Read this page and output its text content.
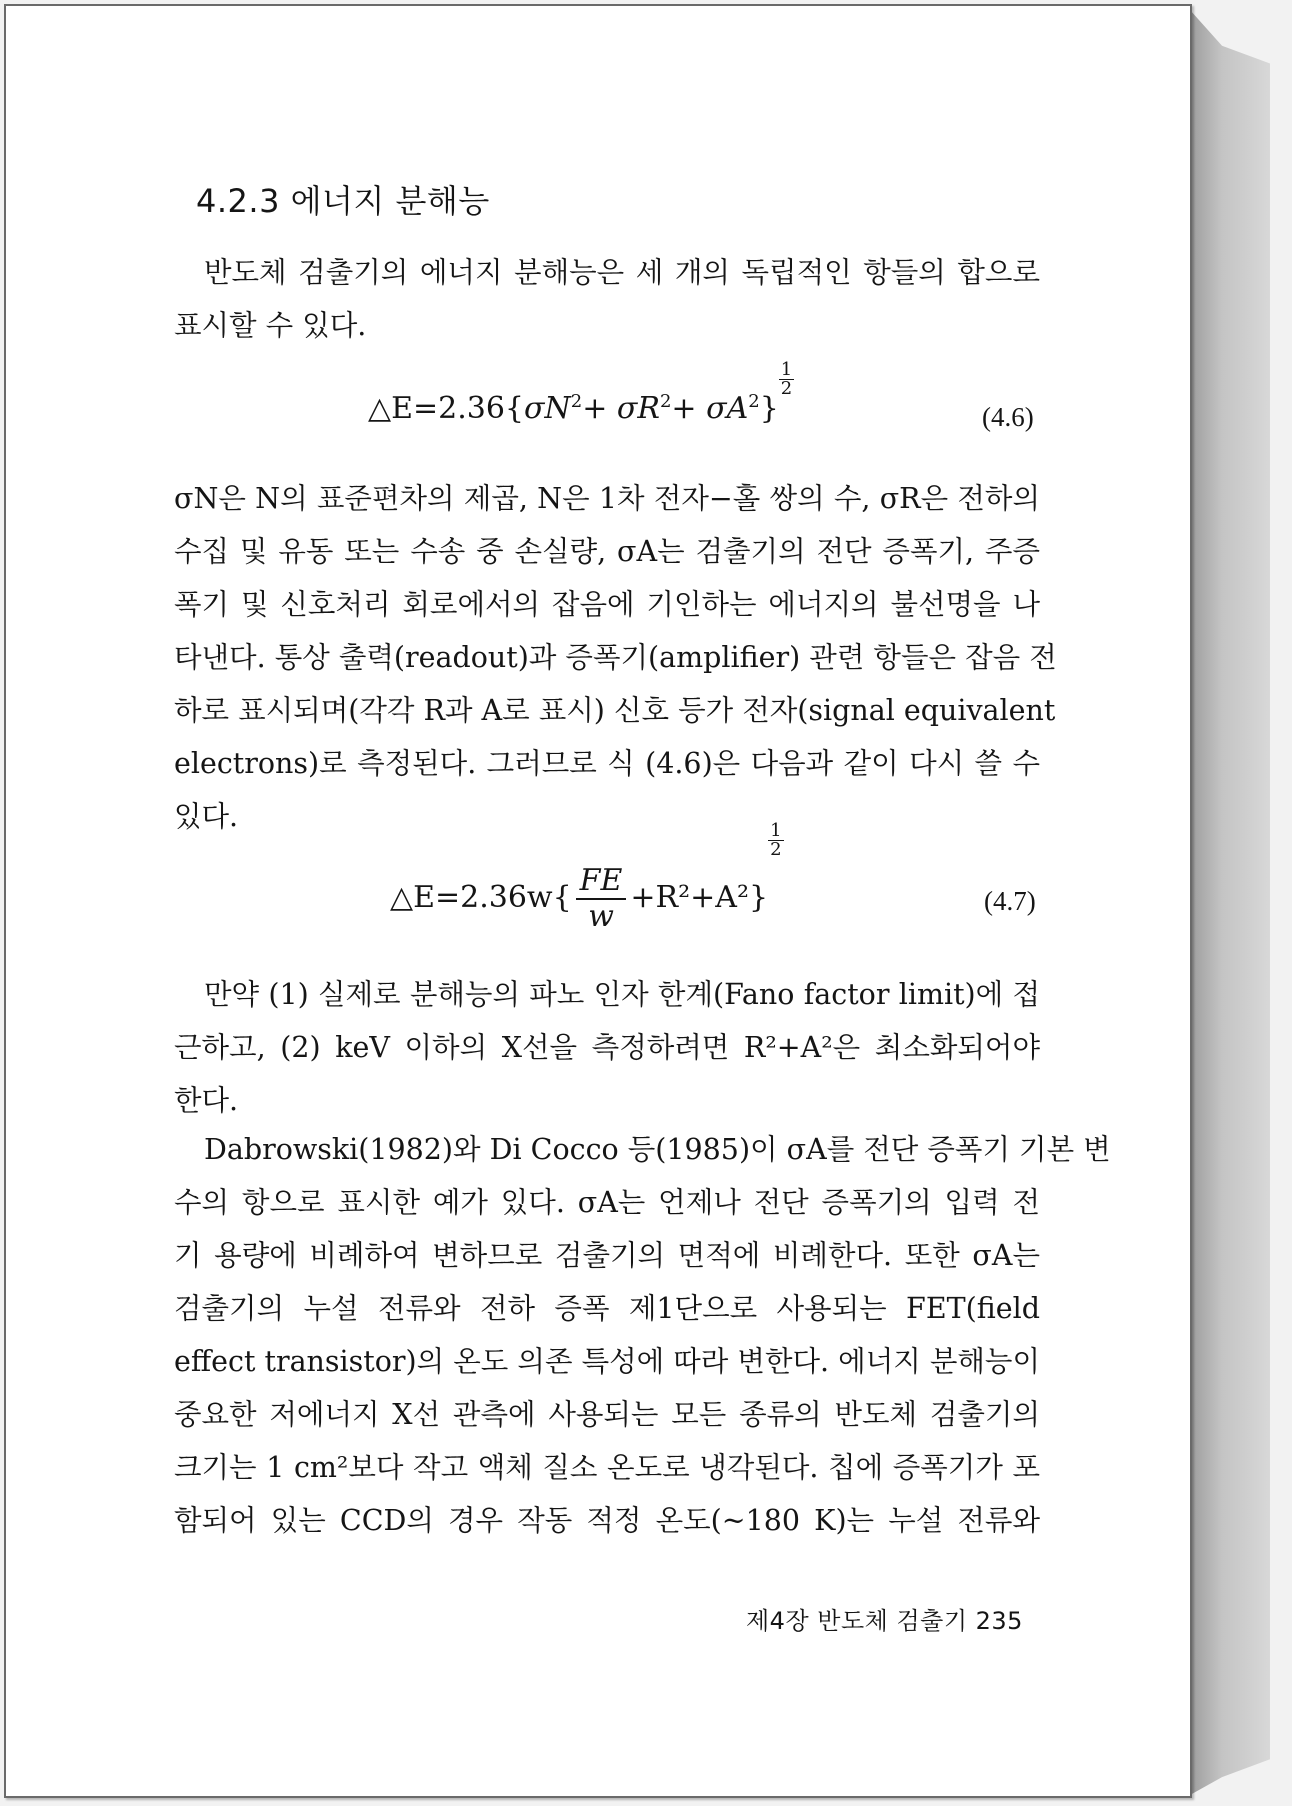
4.2.3 에너지 분해능
반도체 검출기의 에너지 분해능은 세 개의 독립적인 항들의 합으로
표시할 수 있다.
$\triangle E=2.36\{\sigma N^2+ \sigma R^2+ \sigma A^2\}$
$\frac{1}{2}$
(4.6)
σN은 N의 표준편차의 제곱, N은 1차 전자−홀 쌍의 수, σR은 전하의
수집 및 유동 또는 수송 중 손실량, σA는 검출기의 전단 증폭기, 주증
폭기 및 신호처리 회로에서의 잡음에 기인하는 에너지의 불선명을 나
타낸다. 통상 출력(readout)과 증폭기(amplifier) 관련 항들은 잡음 전
하로 표시되며(각각 R과 A로 표시) 신호 등가 전자(signal equivalent
electrons)로 측정된다. 그러므로 식 (4.6)은 다음과 같이 다시 쓸 수
있다.
△E=2.36w{ $\frac{FE}{w} +R^2+A^2$}
$\frac{1}{2}$
(4.7)
만약 (1) 실제로 분해능의 파노 인자 한계(Fano factor limit)에 접
근하고, (2) keV 이하의 X선을 측정하려면 R²+A²은 최소화되어야
한다.
Dabrowski(1982)와 Di Cocco 등(1985)이 σA를 전단 증폭기 기본 변
수의 항으로 표시한 예가 있다. σA는 언제나 전단 증폭기의 입력 전
기 용량에 비례하여 변하므로 검출기의 면적에 비례한다. 또한 σA는
검출기의 누설 전류와 전하 증폭 제1단으로 사용되는 FET(field
effect transistor)의 온도 의존 특성에 따라 변한다. 에너지 분해능이
중요한 저에너지 X선 관측에 사용되는 모든 종류의 반도체 검출기의
크기는 1 cm²보다 작고 액체 질소 온도로 냉각된다. 칩에 증폭기가 포
함되어 있는 CCD의 경우 작동 적정 온도(~180 K)는 누설 전류와
제4장 반도체 검출기 235
